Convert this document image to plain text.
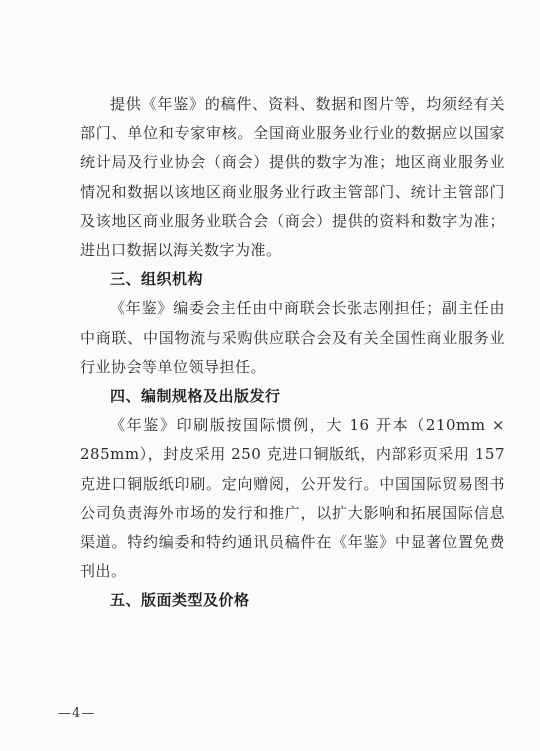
提供《年鉴》的稿件、资料、数据和图片等，均须经有关部门、单位和专家审核。全国商业服务业行业的数据应以国家统计局及行业协会（商会）提供的数字为准；地区商业服务业情况和数据以该地区商业服务业行政主管部门、统计主管部门及该地区商业服务业联合会（商会）提供的资料和数字为准；进出口数据以海关数字为准。

三、组织机构

《年鉴》编委会主任由中商联会长张志刚担任；副主任由中商联、中国物流与采购供应联合会及有关全国性商业服务业行业协会等单位领导担任。

四、编制规格及出版发行

《年鉴》印刷版按国际惯例，大 16 开本（210mm × 285mm），封皮采用 250 克进口铜版纸，内部彩页采用 157 克进口铜版纸印刷。定向赠阅，公开发行。中国国际贸易图书公司负责海外市场的发行和推广，以扩大影响和拓展国际信息渠道。特约编委和特约通讯员稿件在《年鉴》中显著位置免费刊出。

五、版面类型及价格

—4—
